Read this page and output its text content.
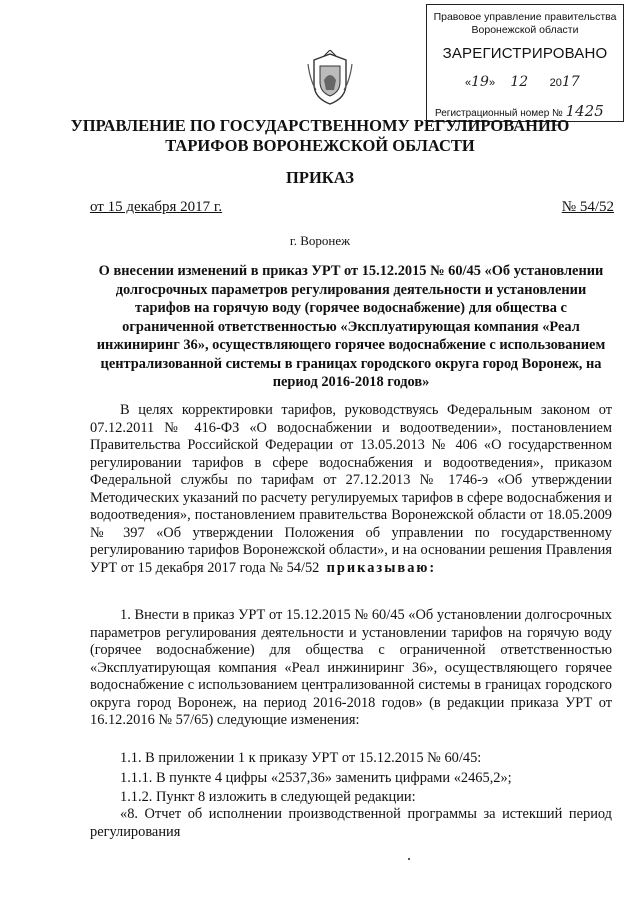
Правовое управление правительства
Воронежской области
ЗАРЕГИСТРИРОВАНО
«19»     12 2017
Регистрационный номер № 1425
УПРАВЛЕНИЕ ПО ГОСУДАРСТВЕННОМУ РЕГУЛИРОВАНИЮ
ТАРИФОВ ВОРОНЕЖСКОЙ ОБЛАСТИ
ПРИКАЗ
от 15 декабря 2017 г.	№ 54/52
г. Воронеж
О внесении изменений в приказ УРТ от 15.12.2015 № 60/45 «Об установлении долгосрочных параметров регулирования деятельности и установлении тарифов на горячую воду (горячее водоснабжение) для общества с ограниченной ответственностью «Эксплуатирующая компания «Реал инжиниринг 36», осуществляющего горячее водоснабжение с использованием централизованной системы в границах городского округа город Воронеж, на период 2016-2018 годов»
В целях корректировки тарифов, руководствуясь Федеральным законом от 07.12.2011 № 416-ФЗ «О водоснабжении и водоотведении», постановлением Правительства Российской Федерации от 13.05.2013 № 406 «О государственном регулировании тарифов в сфере водоснабжения и водоотведения», приказом Федеральной службы по тарифам от 27.12.2013 № 1746-э «Об утверждении Методических указаний по расчету регулируемых тарифов в сфере водоснабжения и водоотведения», постановлением правительства Воронежской области от 18.05.2009 № 397 «Об утверждении Положения об управлении по государственному регулированию тарифов Воронежской области», и на основании решения Правления УРТ от 15 декабря 2017 года № 54/52 приказываю:
1. Внести в приказ УРТ от 15.12.2015 № 60/45 «Об установлении долгосрочных параметров регулирования деятельности и установлении тарифов на горячую воду (горячее водоснабжение) для общества с ограниченной ответственностью «Эксплуатирующая компания «Реал инжиниринг 36», осуществляющего горячее водоснабжение с использованием централизованной системы в границах городского округа город Воронеж, на период 2016-2018 годов» (в редакции приказа УРТ от 16.12.2016 № 57/65) следующие изменения:
1.1. В приложении 1 к приказу УРТ от 15.12.2015 № 60/45:
1.1.1. В пункте 4 цифры «2537,36» заменить цифрами «2465,2»;
1.1.2. Пункт 8 изложить в следующей редакции:
«8. Отчет об исполнении производственной программы за истекший период регулирования
